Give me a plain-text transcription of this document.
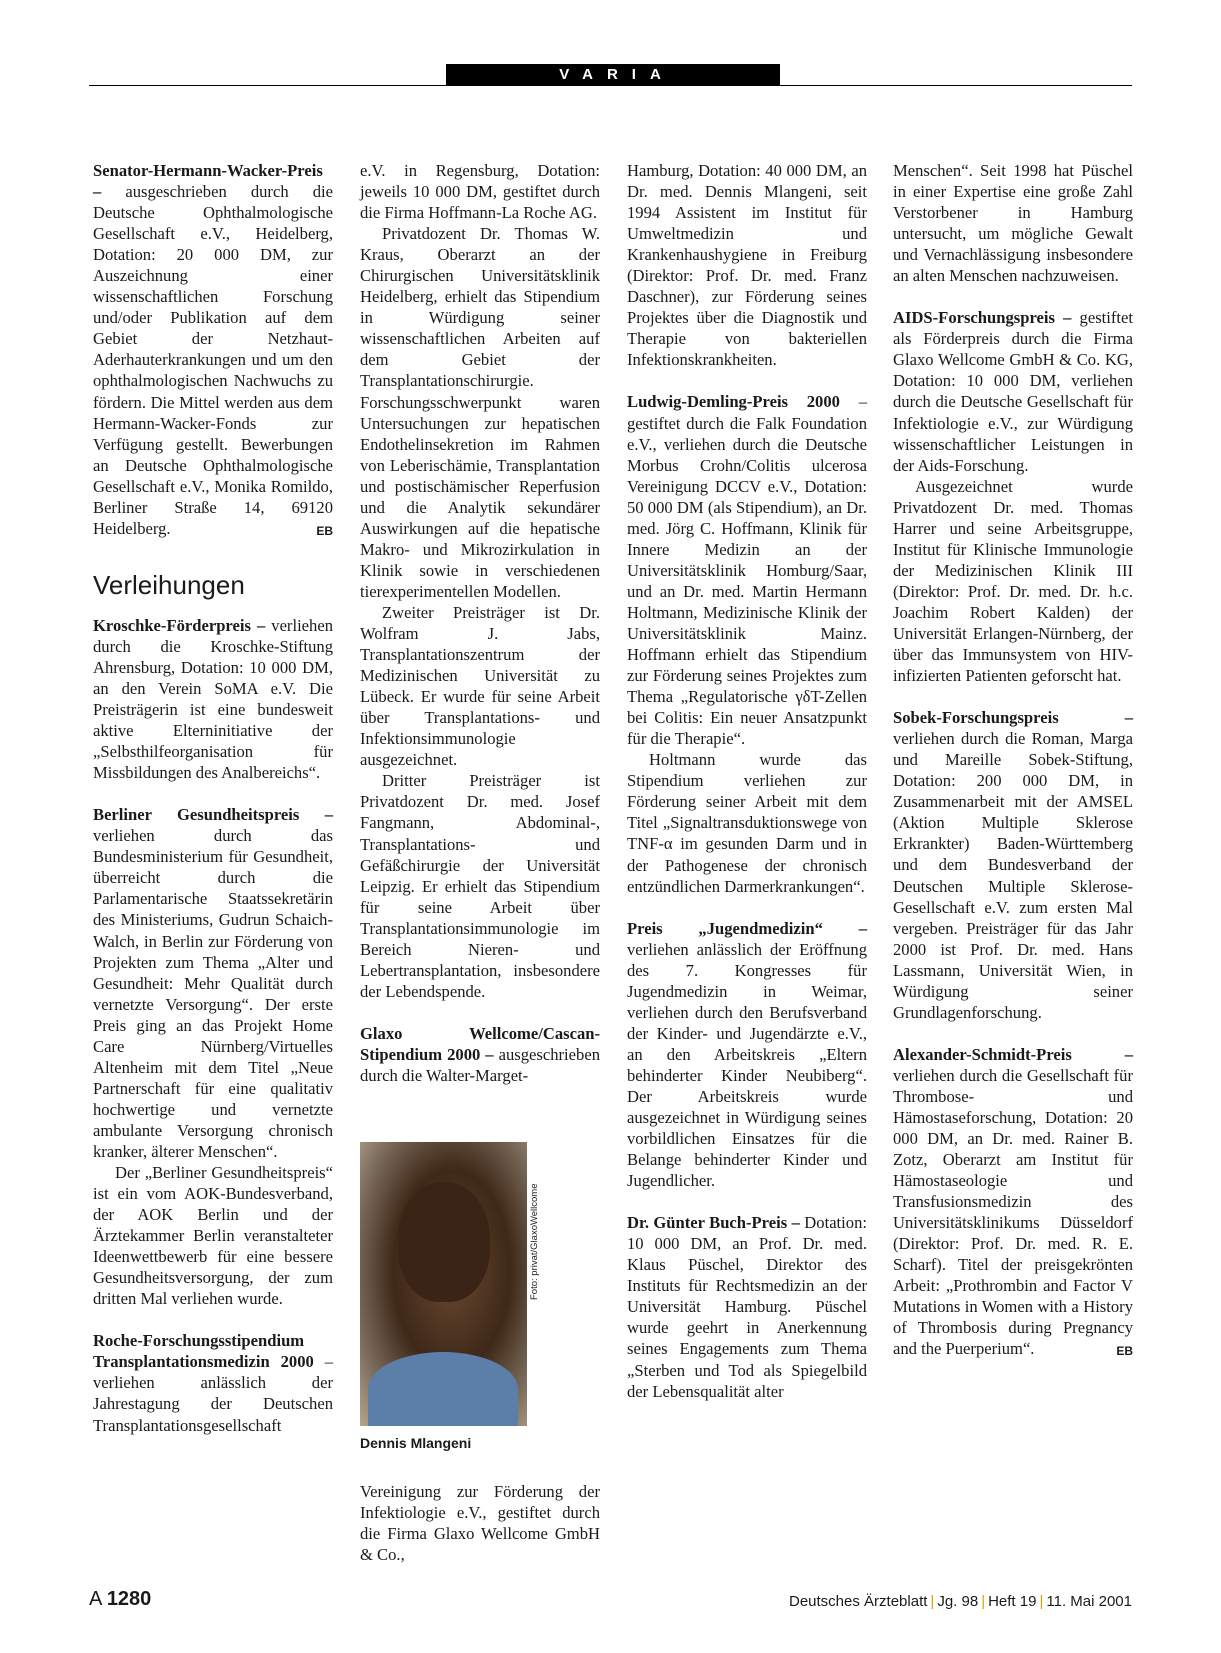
VARIA

Senator-Hermann-Wacker-Preis – ausgeschrieben durch die Deutsche Ophthalmologische Gesellschaft e.V., Heidelberg, Dotation: 20 000 DM, zur Auszeichnung einer wissenschaftlichen Forschung und/oder Publikation auf dem Gebiet der Netzhaut-Aderhauterkrankungen und um den ophthalmologischen Nachwuchs zu fördern. Die Mittel werden aus dem Hermann-Wacker-Fonds zur Verfügung gestellt. Bewerbungen an Deutsche Ophthalmologische Gesellschaft e.V., Monika Romildo, Berliner Straße 14, 69120 Heidelberg.	EB

Verleihungen

Kroschke-Förderpreis – verliehen durch die Kroschke-Stiftung Ahrensburg, Dotation: 10 000 DM, an den Verein SoMA e.V. Die Preisträgerin ist eine bundesweit aktive Elterninitiative der „Selbsthilfeorganisation für Missbildungen des Analbereichs“.

Berliner Gesundheitspreis – verliehen durch das Bundesministerium für Gesundheit, überreicht durch die Parlamentarische Staatssekretärin des Ministeriums, Gudrun Schaich-Walch, in Berlin zur Förderung von Projekten zum Thema „Alter und Gesundheit: Mehr Qualität durch vernetzte Versorgung“. Der erste Preis ging an das Projekt Home Care Nürnberg/Virtuelles Altenheim mit dem Titel „Neue Partnerschaft für eine qualitativ hochwertige und vernetzte ambulante Versorgung chronisch kranker, älterer Menschen“.

Der „Berliner Gesundheitspreis“ ist ein vom AOK-Bundesverband, der AOK Berlin und der Ärztekammer Berlin veranstalteter Ideenwettbewerb für eine bessere Gesundheitsversorgung, der zum dritten Mal verliehen wurde.

Roche-Forschungsstipendium Transplantationsmedizin 2000 – verliehen anlässlich der Jahrestagung der Deutschen Transplantationsgesellschaft

e.V. in Regensburg, Dotation: jeweils 10 000 DM, gestiftet durch die Firma Hoffmann-La Roche AG.

Privatdozent Dr. Thomas W. Kraus, Oberarzt an der Chirurgischen Universitätsklinik Heidelberg, erhielt das Stipendium in Würdigung seiner wissenschaftlichen Arbeiten auf dem Gebiet der Transplantationschirurgie. Forschungsschwerpunkt waren Untersuchungen zur hepatischen Endothelinsekretion im Rahmen von Leberischämie, Transplantation und postischämischer Reperfusion und die Analytik sekundärer Auswirkungen auf die hepatische Makro- und Mikrozirkulation in Klinik sowie in verschiedenen tierexperimentellen Modellen.

Zweiter Preisträger ist Dr. Wolfram J. Jabs, Transplantationszentrum der Medizinischen Universität zu Lübeck. Er wurde für seine Arbeit über Transplantations- und Infektionsimmunologie ausgezeichnet.

Dritter Preisträger ist Privatdozent Dr. med. Josef Fangmann, Abdominal-, Transplantations- und Gefäßchirurgie der Universität Leipzig. Er erhielt das Stipendium für seine Arbeit über Transplantationsimmunologie im Bereich Nieren- und Lebertransplantation, insbesondere der Lebendspende.

Glaxo Wellcome/Cascan-Stipendium 2000 – ausgeschrieben durch die Walter-Marget-

Foto: privat/GlaxoWellcome
Dennis Mlangeni

Vereinigung zur Förderung der Infektiologie e.V., gestiftet durch die Firma Glaxo Wellcome GmbH & Co.,

Hamburg, Dotation: 40 000 DM, an Dr. med. Dennis Mlangeni, seit 1994 Assistent im Institut für Umweltmedizin und Krankenhaushygiene in Freiburg (Direktor: Prof. Dr. med. Franz Daschner), zur Förderung seines Projektes über die Diagnostik und Therapie von bakteriellen Infektionskrankheiten.

Ludwig-Demling-Preis 2000 – gestiftet durch die Falk Foundation e.V., verliehen durch die Deutsche Morbus Crohn/Colitis ulcerosa Vereinigung DCCV e.V., Dotation: 50 000 DM (als Stipendium), an Dr. med. Jörg C. Hoffmann, Klinik für Innere Medizin an der Universitätsklinik Homburg/Saar, und an Dr. med. Martin Hermann Holtmann, Medizinische Klinik der Universitätsklinik Mainz. Hoffmann erhielt das Stipendium zur Förderung seines Projektes zum Thema „Regulatorische γδT-Zellen bei Colitis: Ein neuer Ansatzpunkt für die Therapie“.

Holtmann wurde das Stipendium verliehen zur Förderung seiner Arbeit mit dem Titel „Signaltransduktionswege von TNF-α im gesunden Darm und in der Pathogenese der chronisch entzündlichen Darmerkrankungen“.

Preis „Jugendmedizin“ – verliehen anlässlich der Eröffnung des 7. Kongresses für Jugendmedizin in Weimar, verliehen durch den Berufsverband der Kinder- und Jugendärzte e.V., an den Arbeitskreis „Eltern behinderter Kinder Neubiberg“. Der Arbeitskreis wurde ausgezeichnet in Würdigung seines vorbildlichen Einsatzes für die Belange behinderter Kinder und Jugendlicher.

Dr. Günter Buch-Preis – Dotation: 10 000 DM, an Prof. Dr. med. Klaus Püschel, Direktor des Instituts für Rechtsmedizin an der Universität Hamburg. Püschel wurde geehrt in Anerkennung seines Engagements zum Thema „Sterben und Tod als Spiegelbild der Lebensqualität alter

Menschen“. Seit 1998 hat Püschel in einer Expertise eine große Zahl Verstorbener in Hamburg untersucht, um mögliche Gewalt und Vernachlässigung insbesondere an alten Menschen nachzuweisen.

AIDS-Forschungspreis – gestiftet als Förderpreis durch die Firma Glaxo Wellcome GmbH & Co. KG, Dotation: 10 000 DM, verliehen durch die Deutsche Gesellschaft für Infektiologie e.V., zur Würdigung wissenschaftlicher Leistungen in der Aids-Forschung.

Ausgezeichnet wurde Privatdozent Dr. med. Thomas Harrer und seine Arbeitsgruppe, Institut für Klinische Immunologie der Medizinischen Klinik III (Direktor: Prof. Dr. med. Dr. h.c. Joachim Robert Kalden) der Universität Erlangen-Nürnberg, der über das Immunsystem von HIV-infizierten Patienten geforscht hat.

Sobek-Forschungspreis – verliehen durch die Roman, Marga und Mareille Sobek-Stiftung, Dotation: 200 000 DM, in Zusammenarbeit mit der AMSEL (Aktion Multiple Sklerose Erkrankter) Baden-Württemberg und dem Bundesverband der Deutschen Multiple Sklerose-Gesellschaft e.V. zum ersten Mal vergeben. Preisträger für das Jahr 2000 ist Prof. Dr. med. Hans Lassmann, Universität Wien, in Würdigung seiner Grundlagenforschung.

Alexander-Schmidt-Preis – verliehen durch die Gesellschaft für Thrombose- und Hämostaseforschung, Dotation: 20 000 DM, an Dr. med. Rainer B. Zotz, Oberarzt am Institut für Hämostaseologie und Transfusionsmedizin des Universitätsklinikums Düsseldorf (Direktor: Prof. Dr. med. R. E. Scharf). Titel der preisgekrönten Arbeit: „Prothrombin and Factor V Mutations in Women with a History of Thrombosis during Pregnancy and the Puerperium“.	EB

A 1280	Deutsches Ärzteblatt | Jg. 98 | Heft 19 | 11. Mai 2001
